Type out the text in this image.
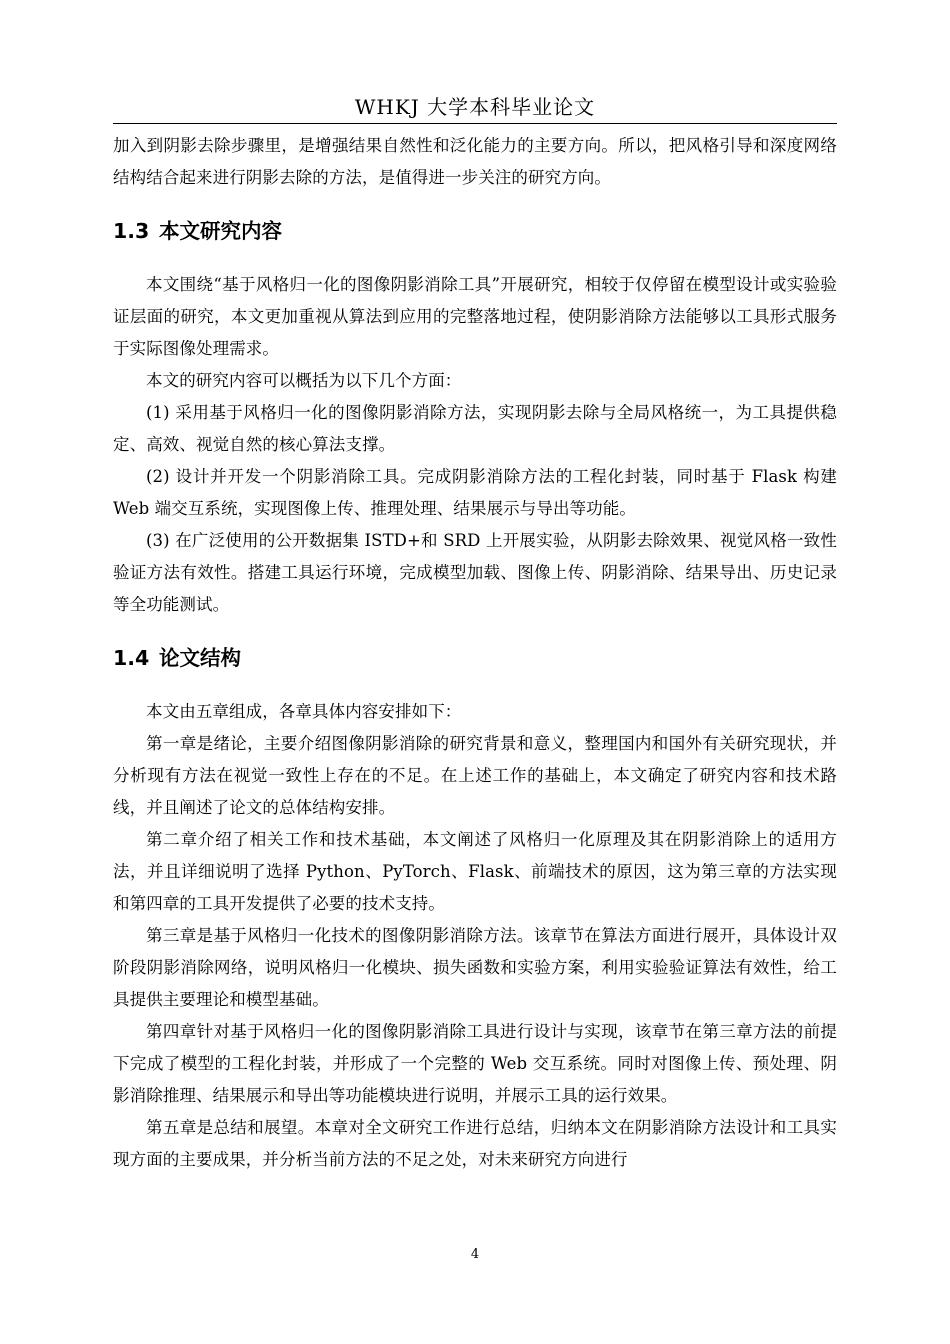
WHKJ 大学本科毕业论文

加入到阴影去除步骤里，是增强结果自然性和泛化能力的主要方向。所以，把风格引导和深度网络结构结合起来进行阴影去除的方法，是值得进一步关注的研究方向。

1.3 本文研究内容

本文围绕“基于风格归一化的图像阴影消除工具”开展研究，相较于仅停留在模型设计或实验验证层面的研究，本文更加重视从算法到应用的完整落地过程，使阴影消除方法能够以工具形式服务于实际图像处理需求。

本文的研究内容可以概括为以下几个方面：

(1) 采用基于风格归一化的图像阴影消除方法，实现阴影去除与全局风格统一，为工具提供稳定、高效、视觉自然的核心算法支撑。

(2) 设计并开发一个阴影消除工具。完成阴影消除方法的工程化封装，同时基于 Flask 构建 Web 端交互系统，实现图像上传、推理处理、结果展示与导出等功能。

(3) 在广泛使用的公开数据集 ISTD+和 SRD 上开展实验，从阴影去除效果、视觉风格一致性验证方法有效性。搭建工具运行环境，完成模型加载、图像上传、阴影消除、结果导出、历史记录等全功能测试。

1.4 论文结构

本文由五章组成，各章具体内容安排如下：

第一章是绪论，主要介绍图像阴影消除的研究背景和意义，整理国内和国外有关研究现状，并分析现有方法在视觉一致性上存在的不足。在上述工作的基础上，本文确定了研究内容和技术路线，并且阐述了论文的总体结构安排。

第二章介绍了相关工作和技术基础，本文阐述了风格归一化原理及其在阴影消除上的适用方法，并且详细说明了选择 Python、PyTorch、Flask、前端技术的原因，这为第三章的方法实现和第四章的工具开发提供了必要的技术支持。

第三章是基于风格归一化技术的图像阴影消除方法。该章节在算法方面进行展开，具体设计双阶段阴影消除网络，说明风格归一化模块、损失函数和实验方案，利用实验验证算法有效性，给工具提供主要理论和模型基础。

第四章针对基于风格归一化的图像阴影消除工具进行设计与实现，该章节在第三章方法的前提下完成了模型的工程化封装，并形成了一个完整的 Web 交互系统。同时对图像上传、预处理、阴影消除推理、结果展示和导出等功能模块进行说明，并展示工具的运行效果。

第五章是总结和展望。本章对全文研究工作进行总结，归纳本文在阴影消除方法设计和工具实现方面的主要成果，并分析当前方法的不足之处，对未来研究方向进行

4
